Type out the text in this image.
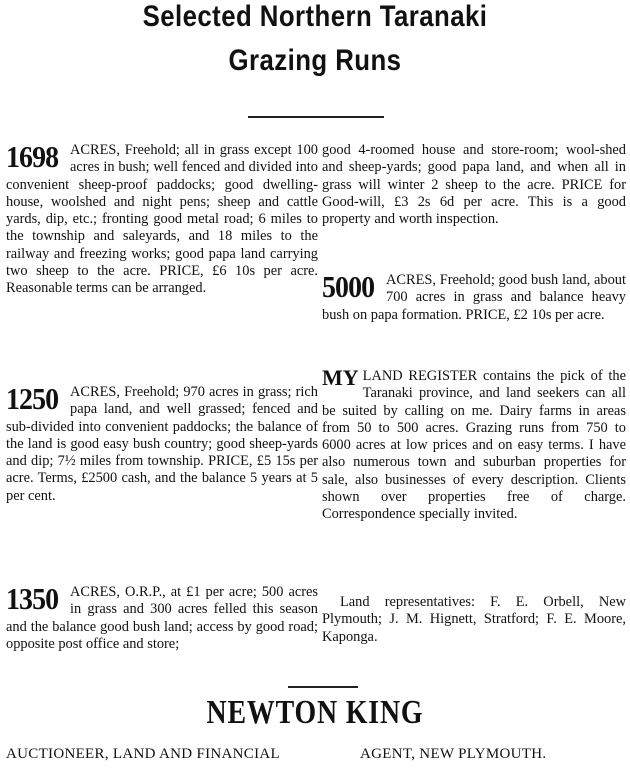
Selected Northern Taranaki
Grazing Runs
1698 ACRES, Freehold; all in grass except 100 acres in bush; well fenced and divided into convenient sheep-proof paddocks; good dwelling-house, woolshed and night pens; sheep and cattle yards, dip, etc.; fronting good metal road; 6 miles to the township and saleyards, and 18 miles to the railway and freezing works; good papa land carrying two sheep to the acre. PRICE, £6 10s per acre. Reasonable terms can be arranged.

1250 ACRES, Freehold; 970 acres in grass; rich papa land, and well grassed; fenced and sub-divided into convenient paddocks; the balance of the land is good easy bush country; good sheep-yards and dip; 7½ miles from township. PRICE, £5 15s per acre. Terms, £2500 cash, and the balance 5 years at 5 per cent.

1350 ACRES, O.R.P., at £1 per acre; 500 acres in grass and 300 acres felled this season and the balance good bush land; access by good road; opposite post office and store;

good 4-roomed house and store-room; wool-shed and sheep-yards; good papa land, and when all in grass will winter 2 sheep to the acre. PRICE for Good-will, £3 2s 6d per acre. This is a good property and worth inspection.

5000 ACRES, Freehold; good bush land, about 700 acres in grass and balance heavy bush on papa formation. PRICE, £2 10s per acre.

MY LAND REGISTER contains the pick of the Taranaki province, and land seekers can all be suited by calling on me. Dairy farms in areas from 50 to 500 acres. Grazing runs from 750 to 6000 acres at low prices and on easy terms. I have also numerous town and suburban properties for sale, also businesses of every description. Clients shown over properties free of charge. Correspondence specially invited.

Land representatives: F. E. Orbell, New Plymouth; J. M. Hignett, Stratford; F. E. Moore, Kaponga.

NEWTON KING
AUCTIONEER, LAND AND FINANCIAL	AGENT, NEW PLYMOUTH.
